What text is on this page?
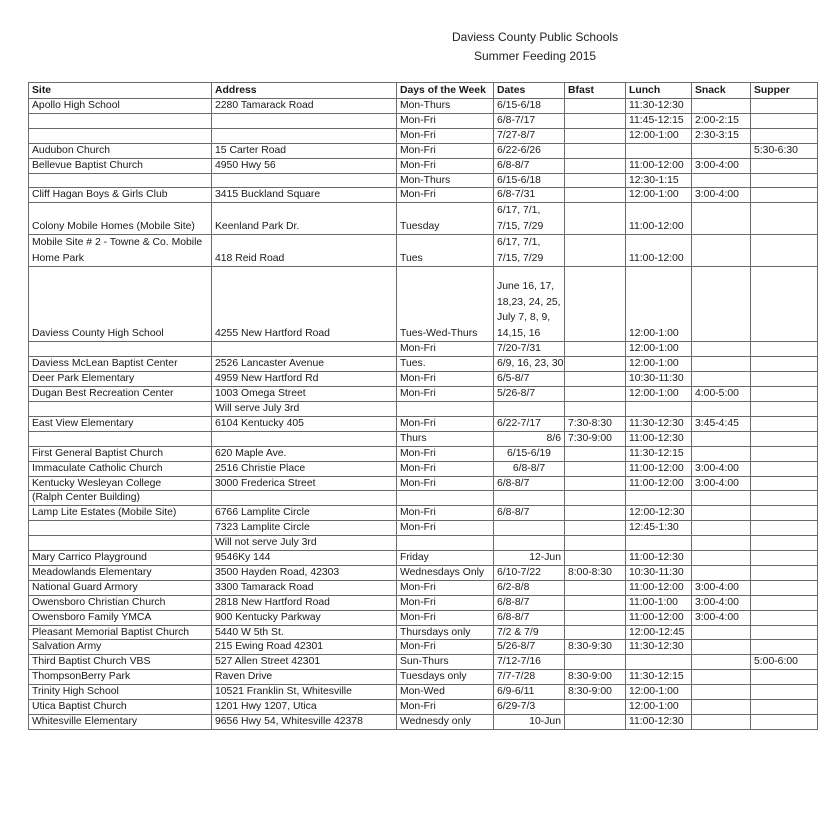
Daviess County Public Schools
Summer Feeding 2015
Site	Address	Days of the Week	Dates	Bfast	Lunch	Snack	Supper
Apollo High School	2280 Tamarack Road	Mon-Thurs	6/15-6/18		11:30-12:30		
		Mon-Fri	6/8-7/17		11:45-12:15	2:00-2:15	
		Mon-Fri	7/27-8/7		12:00-1:00	2:30-3:15	
Audubon Church	15 Carter Road	Mon-Fri	6/22-6/26				5:30-6:30
Bellevue Baptist Church	4950 Hwy 56	Mon-Fri	6/8-8/7		11:00-12:00	3:00-4:00	
		Mon-Thurs	6/15-6/18		12:30-1:15		
Cliff Hagan Boys & Girls Club	3415 Buckland Square	Mon-Fri	6/8-7/31		12:00-1:00	3:00-4:00	
Colony Mobile Homes (Mobile Site)	Keenland Park Dr.	Tuesday	6/17, 7/1, 7/15, 7/29		11:00-12:00		
Mobile Site # 2 - Towne & Co. Mobile Home Park	418 Reid Road	Tues	6/17, 7/1, 7/15, 7/29		11:00-12:00		
Daviess County High School	4255 New Hartford Road	Tues-Wed-Thurs	June 16, 17, 18,23, 24, 25, July 7, 8, 9, 14,15, 16		12:00-1:00		
		Mon-Fri	7/20-7/31		12:00-1:00		
Daviess McLean Baptist Center	2526 Lancaster Avenue	Tues.	6/9, 16, 23, 30		12:00-1:00		
Deer Park Elementary	4959 New Hartford Rd	Mon-Fri	6/5-8/7		10:30-11:30		
Dugan Best Recreation Center	1003 Omega Street	Mon-Fri	5/26-8/7		12:00-1:00	4:00-5:00	
	Will serve July 3rd						
East View Elementary	6104 Kentucky 405	Mon-Fri	6/22-7/17	7:30-8:30	11:30-12:30	3:45-4:45	
		Thurs	8/6	7:30-9:00	11:00-12:30		
First General Baptist Church	620 Maple Ave.	Mon-Fri	6/15-6/19		11:30-12:15		
Immaculate Catholic Church	2516 Christie Place	Mon-Fri	6/8-8/7		11:00-12:00	3:00-4:00	
Kentucky Wesleyan College	3000 Frederica Street	Mon-Fri	6/8-8/7		11:00-12:00	3:00-4:00	
(Ralph Center Building)							
Lamp Lite Estates (Mobile Site)	6766 Lamplite Circle	Mon-Fri	6/8-8/7		12:00-12:30		
	7323 Lamplite Circle	Mon-Fri			12:45-1:30		
	Will not serve July 3rd						
Mary Carrico Playground	9546Ky 144	Friday	12-Jun		11:00-12:30		
Meadowlands Elementary	3500 Hayden Road, 42303	Wednesdays Only	6/10-7/22	8:00-8:30	10:30-11:30		
National Guard Armory	3300 Tamarack Road	Mon-Fri	6/2-8/8		11:00-12:00	3:00-4:00	
Owensboro Christian Church	2818 New Hartford Road	Mon-Fri	6/8-8/7		11:00-1:00	3:00-4:00	
Owensboro Family YMCA	900 Kentucky Parkway	Mon-Fri	6/8-8/7		11:00-12:00	3:00-4:00	
Pleasant Memorial Baptist Church	5440 W 5th St.	Thursdays only	7/2 & 7/9		12:00-12:45		
Salvation Army	215 Ewing Road 42301	Mon-Fri	5/26-8/7	8:30-9:30	11:30-12:30		
Third Baptist Church VBS	527 Allen Street 42301	Sun-Thurs	7/12-7/16				5:00-6:00
ThompsonBerry Park	Raven Drive	Tuesdays only	7/7-7/28	8:30-9:00	11:30-12:15		
Trinity High School	10521 Franklin St, Whitesville	Mon-Wed	6/9-6/11	8:30-9:00	12:00-1:00		
Utica Baptist Church	1201 Hwy 1207, Utica	Mon-Fri	6/29-7/3		12:00-1:00		
Whitesville Elementary	9656 Hwy 54, Whitesville 42378	Wednesdy only	10-Jun		11:00-12:30		
